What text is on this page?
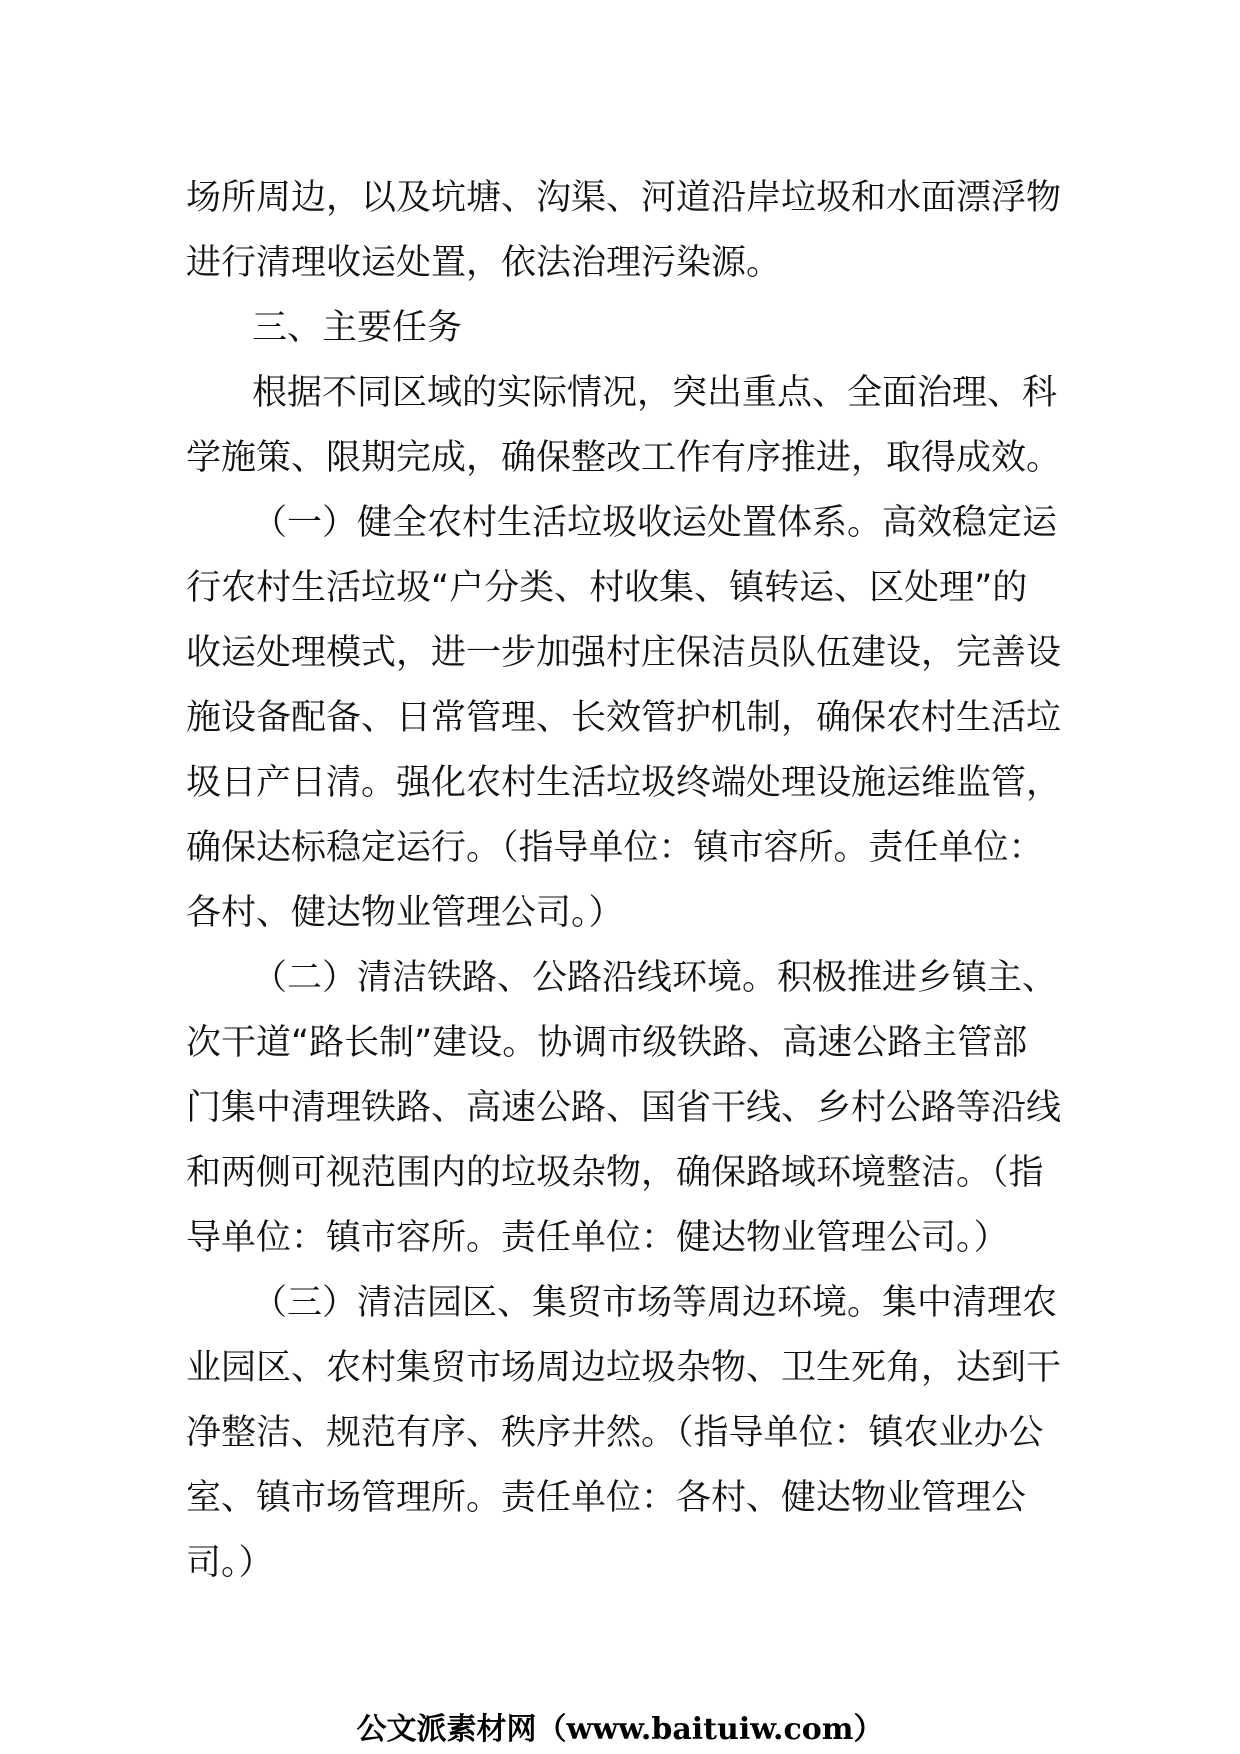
场所周边，以及坑塘、沟渠、河道沿岸垃圾和水面漂浮物
进行清理收运处置，依法治理污染源。
三、主要任务
根据不同区域的实际情况，突出重点、全面治理、科
学施策、限期完成，确保整改工作有序推进，取得成效。
（一）健全农村生活垃圾收运处置体系。高效稳定运
行农村生活垃圾“户分类、村收集、镇转运、区处理”的
收运处理模式，进一步加强村庄保洁员队伍建设，完善设
施设备配备、日常管理、长效管护机制，确保农村生活垃
圾日产日清。强化农村生活垃圾终端处理设施运维监管，
确保达标稳定运行。（指导单位：镇市容所。责任单位：
各村、健达物业管理公司。）
（二）清洁铁路、公路沿线环境。积极推进乡镇主、
次干道“路长制”建设。协调市级铁路、高速公路主管部
门集中清理铁路、高速公路、国省干线、乡村公路等沿线
和两侧可视范围内的垃圾杂物，确保路域环境整洁。（指
导单位：镇市容所。责任单位：健达物业管理公司。）
（三）清洁园区、集贸市场等周边环境。集中清理农
业园区、农村集贸市场周边垃圾杂物、卫生死角，达到干
净整洁、规范有序、秩序井然。（指导单位：镇农业办公
室、镇市场管理所。责任单位：各村、健达物业管理公
司。）
公文派素材网（www.baituiw.com）
